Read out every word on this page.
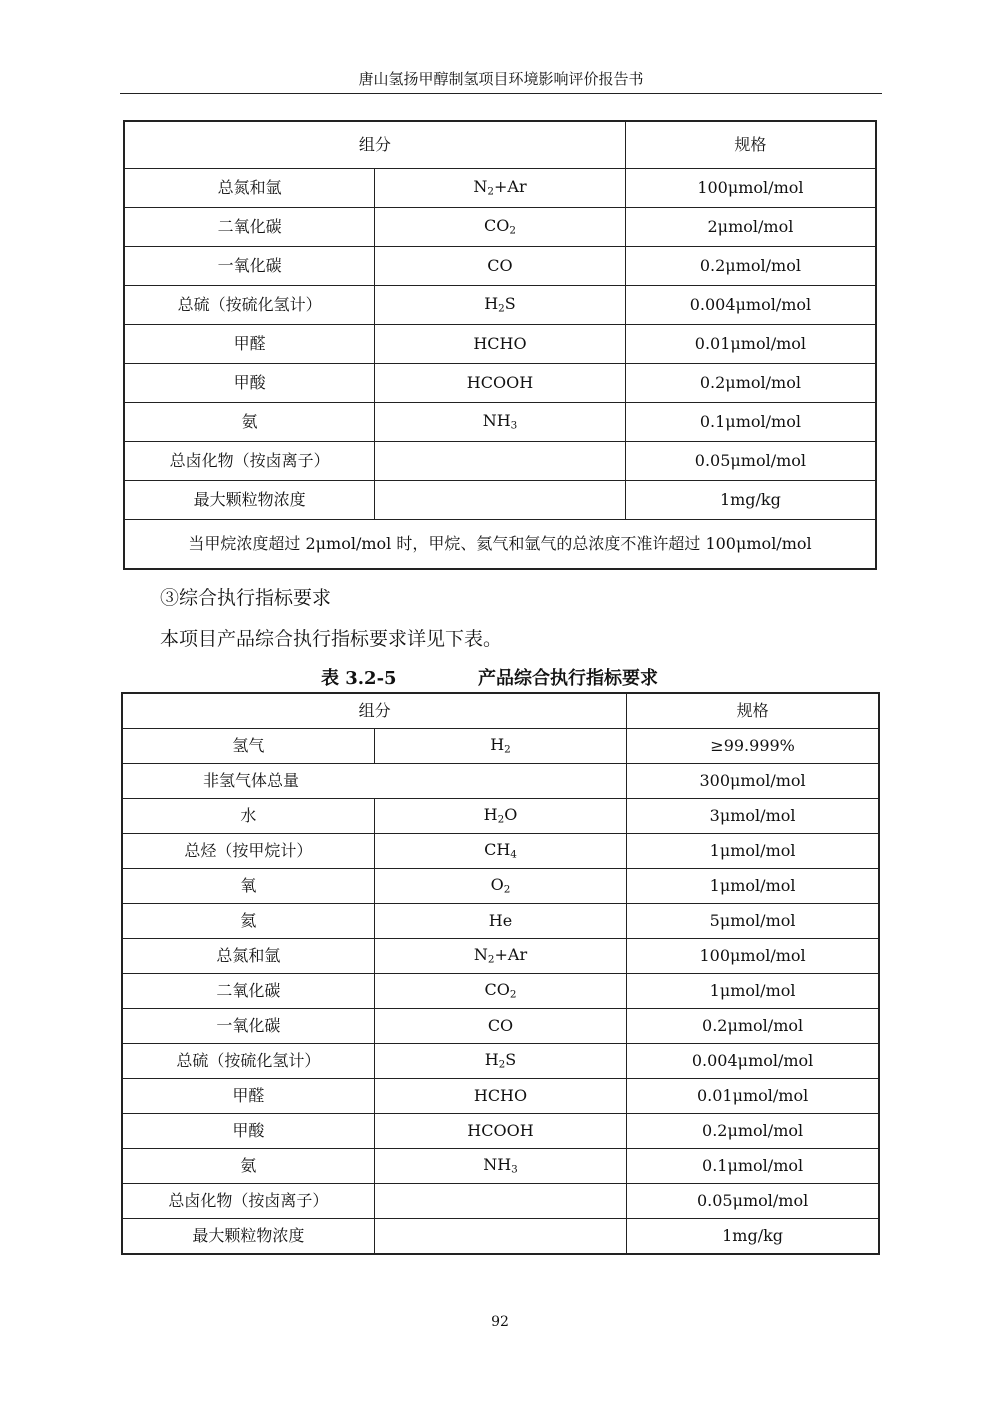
唐山氢扬甲醇制氢项目环境影响评价报告书
组分		规格
总氮和氩	$N_2+Ar$	100μmol/mol
二氧化碳	$CO_2$	2μmol/mol
一氧化碳	CO	0.2μmol/mol
总硫（按硫化氢计）	$H_2S$	0.004μmol/mol
甲醛	HCHO	0.01μmol/mol
甲酸	HCOOH	0.2μmol/mol
氨	$NH_3$	0.1μmol/mol
总卤化物（按卤离子）		0.05μmol/mol
最大颗粒物浓度		1mg/kg
当甲烷浓度超过 2μmol/mol 时，甲烷、氦气和氩气的总浓度不准许超过 100μmol/mol		
③综合执行指标要求
本项目产品综合执行指标要求详见下表。
表 3.2-5	产品综合执行指标要求
组分		规格
氢气	$H_2$	≥99.999%
非氢气体总量		300μmol/mol
水	$H_2O$	3μmol/mol
总烃（按甲烷计）	$CH_4$	1μmol/mol
氧	$O_2$	1μmol/mol
氦	He	5μmol/mol
总氮和氩	$N_2+Ar$	100μmol/mol
二氧化碳	$CO_2$	1μmol/mol
一氧化碳	CO	0.2μmol/mol
总硫（按硫化氢计）	$H_2S$	0.004μmol/mol
甲醛	HCHO	0.01μmol/mol
甲酸	HCOOH	0.2μmol/mol
氨	$NH_3$	0.1μmol/mol
总卤化物（按卤离子）		0.05μmol/mol
最大颗粒物浓度		1mg/kg
92
